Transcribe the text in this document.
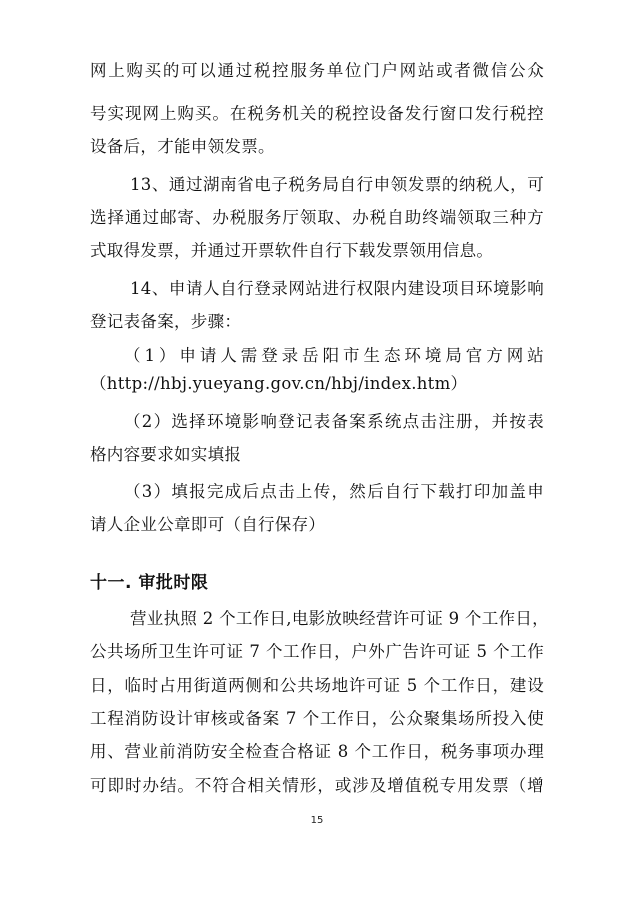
网上购买的可以通过税控服务单位门户网站或者微信公众
号实现网上购买。在税务机关的税控设备发行窗口发行税控
设备后，才能申领发票。
13、通过湖南省电子税务局自行申领发票的纳税人，可
选择通过邮寄、办税服务厅领取、办税自助终端领取三种方
式取得发票，并通过开票软件自行下载发票领用信息。
14、申请人自行登录网站进行权限内建设项目环境影响
登记表备案，步骤：
（1）申请人需登录岳阳市生态环境局官方网站
（http://hbj.yueyang.gov.cn/hbj/index.htm）
（2）选择环境影响登记表备案系统点击注册，并按表
格内容要求如实填报
（3）填报完成后点击上传，然后自行下载打印加盖申
请人企业公章即可（自行保存）
十一. 审批时限
营业执照 2 个工作日,电影放映经营许可证 9 个工作日，
公共场所卫生许可证 7 个工作日，户外广告许可证 5 个工作
日，临时占用街道两侧和公共场地许可证 5 个工作日，建设
工程消防设计审核或备案 7 个工作日，公众聚集场所投入使
用、营业前消防安全检查合格证 8 个工作日，税务事项办理
可即时办结。不符合相关情形，或涉及增值税专用发票（增
15
